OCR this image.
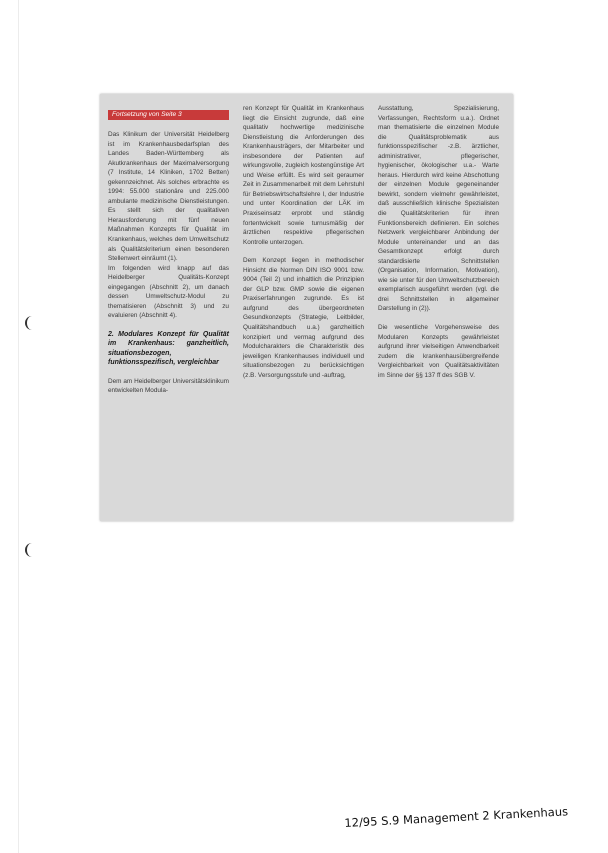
Fortsetzung von Seite 3

Das Klinikum der Universität Heidelberg ist im Krankenhausbedarfsplan des Landes Baden-Württemberg als Akutkrankenhaus der Maximalversorgung (7 Institute, 14 Kliniken, 1702 Betten) gekennzeichnet. Als solches erbrachte es 1994: 55.000 stationäre und 225.000 ambulante medizinische Dienstleistungen. Es stellt sich der qualitativen Herausforderung mit fünf neuen Maßnahmen Konzepts für Qualität im Krankenhaus, welches dem Umweltschutz als Qualitätskriterium einen besonderen Stellenwert einräumt (1).

Im folgenden wird knapp auf das Heidelberger Qualitäts-Konzept eingegangen (Abschnitt 2), um danach dessen Umweltschutz-Modul zu thematisieren (Abschnitt 3) und zu evaluieren (Abschnitt 4).

2. Modulares Konzept für Qualität im Krankenhaus: ganzheitlich, situationsbezogen, funktionsspezifisch, vergleichbar

Dem am Heidelberger Universitätsklinikum entwickelten Modula-

ren Konzept für Qualität im Krankenhaus liegt die Einsicht zugrunde, daß eine qualitativ hochwertige medizinische Dienstleistung die Anforderungen des Krankenhausträgers, der Mitarbeiter und insbesondere der Patienten auf wirkungsvolle, zugleich kostengünstige Art und Weise erfüllt. Es wird seit geraumer Zeit in Zusammenarbeit mit dem Lehrstuhl für Betriebswirtschaftslehre I, der Industrie und unter Koordination der LÄK im Praxiseinsatz erprobt und ständig fortentwickelt sowie turnusmäßig der ärztlichen respektive pflegerischen Kontrolle unterzogen.

Dem Konzept liegen in methodischer Hinsicht die Normen DIN ISO 9001 bzw. 9004 (Teil 2) und inhaltlich die Prinzipien der GLP bzw. GMP sowie die eigenen Praxiserfahrungen zugrunde. Es ist aufgrund des übergeordneten Gesundkonzepts (Strategie, Leitbilder, Qualitätshandbuch u.a.) ganzheitlich konzipiert und vermag aufgrund des Modulcharakters die Charakteristik des jeweiligen Krankenhauses individuell und situationsbezogen zu berücksichtigen (z.B. Versorgungsstufe und -auftrag,

Ausstattung, Spezialisierung, Verfassungen, Rechtsform u.a.). Ordnet man thematisierte die einzelnen Module die Qualitätsproblematik aus funktionsspezifischer -z.B. ärztlicher, administrativer, pflegerischer, hygienischer, ökologischer u.a.- Warte heraus. Hierdurch wird keine Abschottung der einzelnen Module gegeneinander bewirkt, sondern vielmehr gewährleistet, daß ausschließlich klinische Spezialisten die Qualitätskriterien für ihren Funktionsbereich definieren. Ein solches Netzwerk vergleichbarer Anbindung der Module untereinander und an das Gesamtkonzept erfolgt durch standardisierte Schnittstellen (Organisation, Information, Motivation), wie sie unter für den Umweltschutzbereich exemplarisch ausgeführt werden (vgl. die drei Schnittstellen in allgemeiner Darstellung in (2)).

Die wesentliche Vorgehensweise des Modularen Konzepts gewährleistet aufgrund ihrer vielseitigen Anwendbarkeit zudem die krankenhausübergreifende Vergleichbarkeit von Qualitätsaktivitäten im Sinne der §§ 137 ff des SGB V.

12/95 S.9 Management 2 Krankenhaus
